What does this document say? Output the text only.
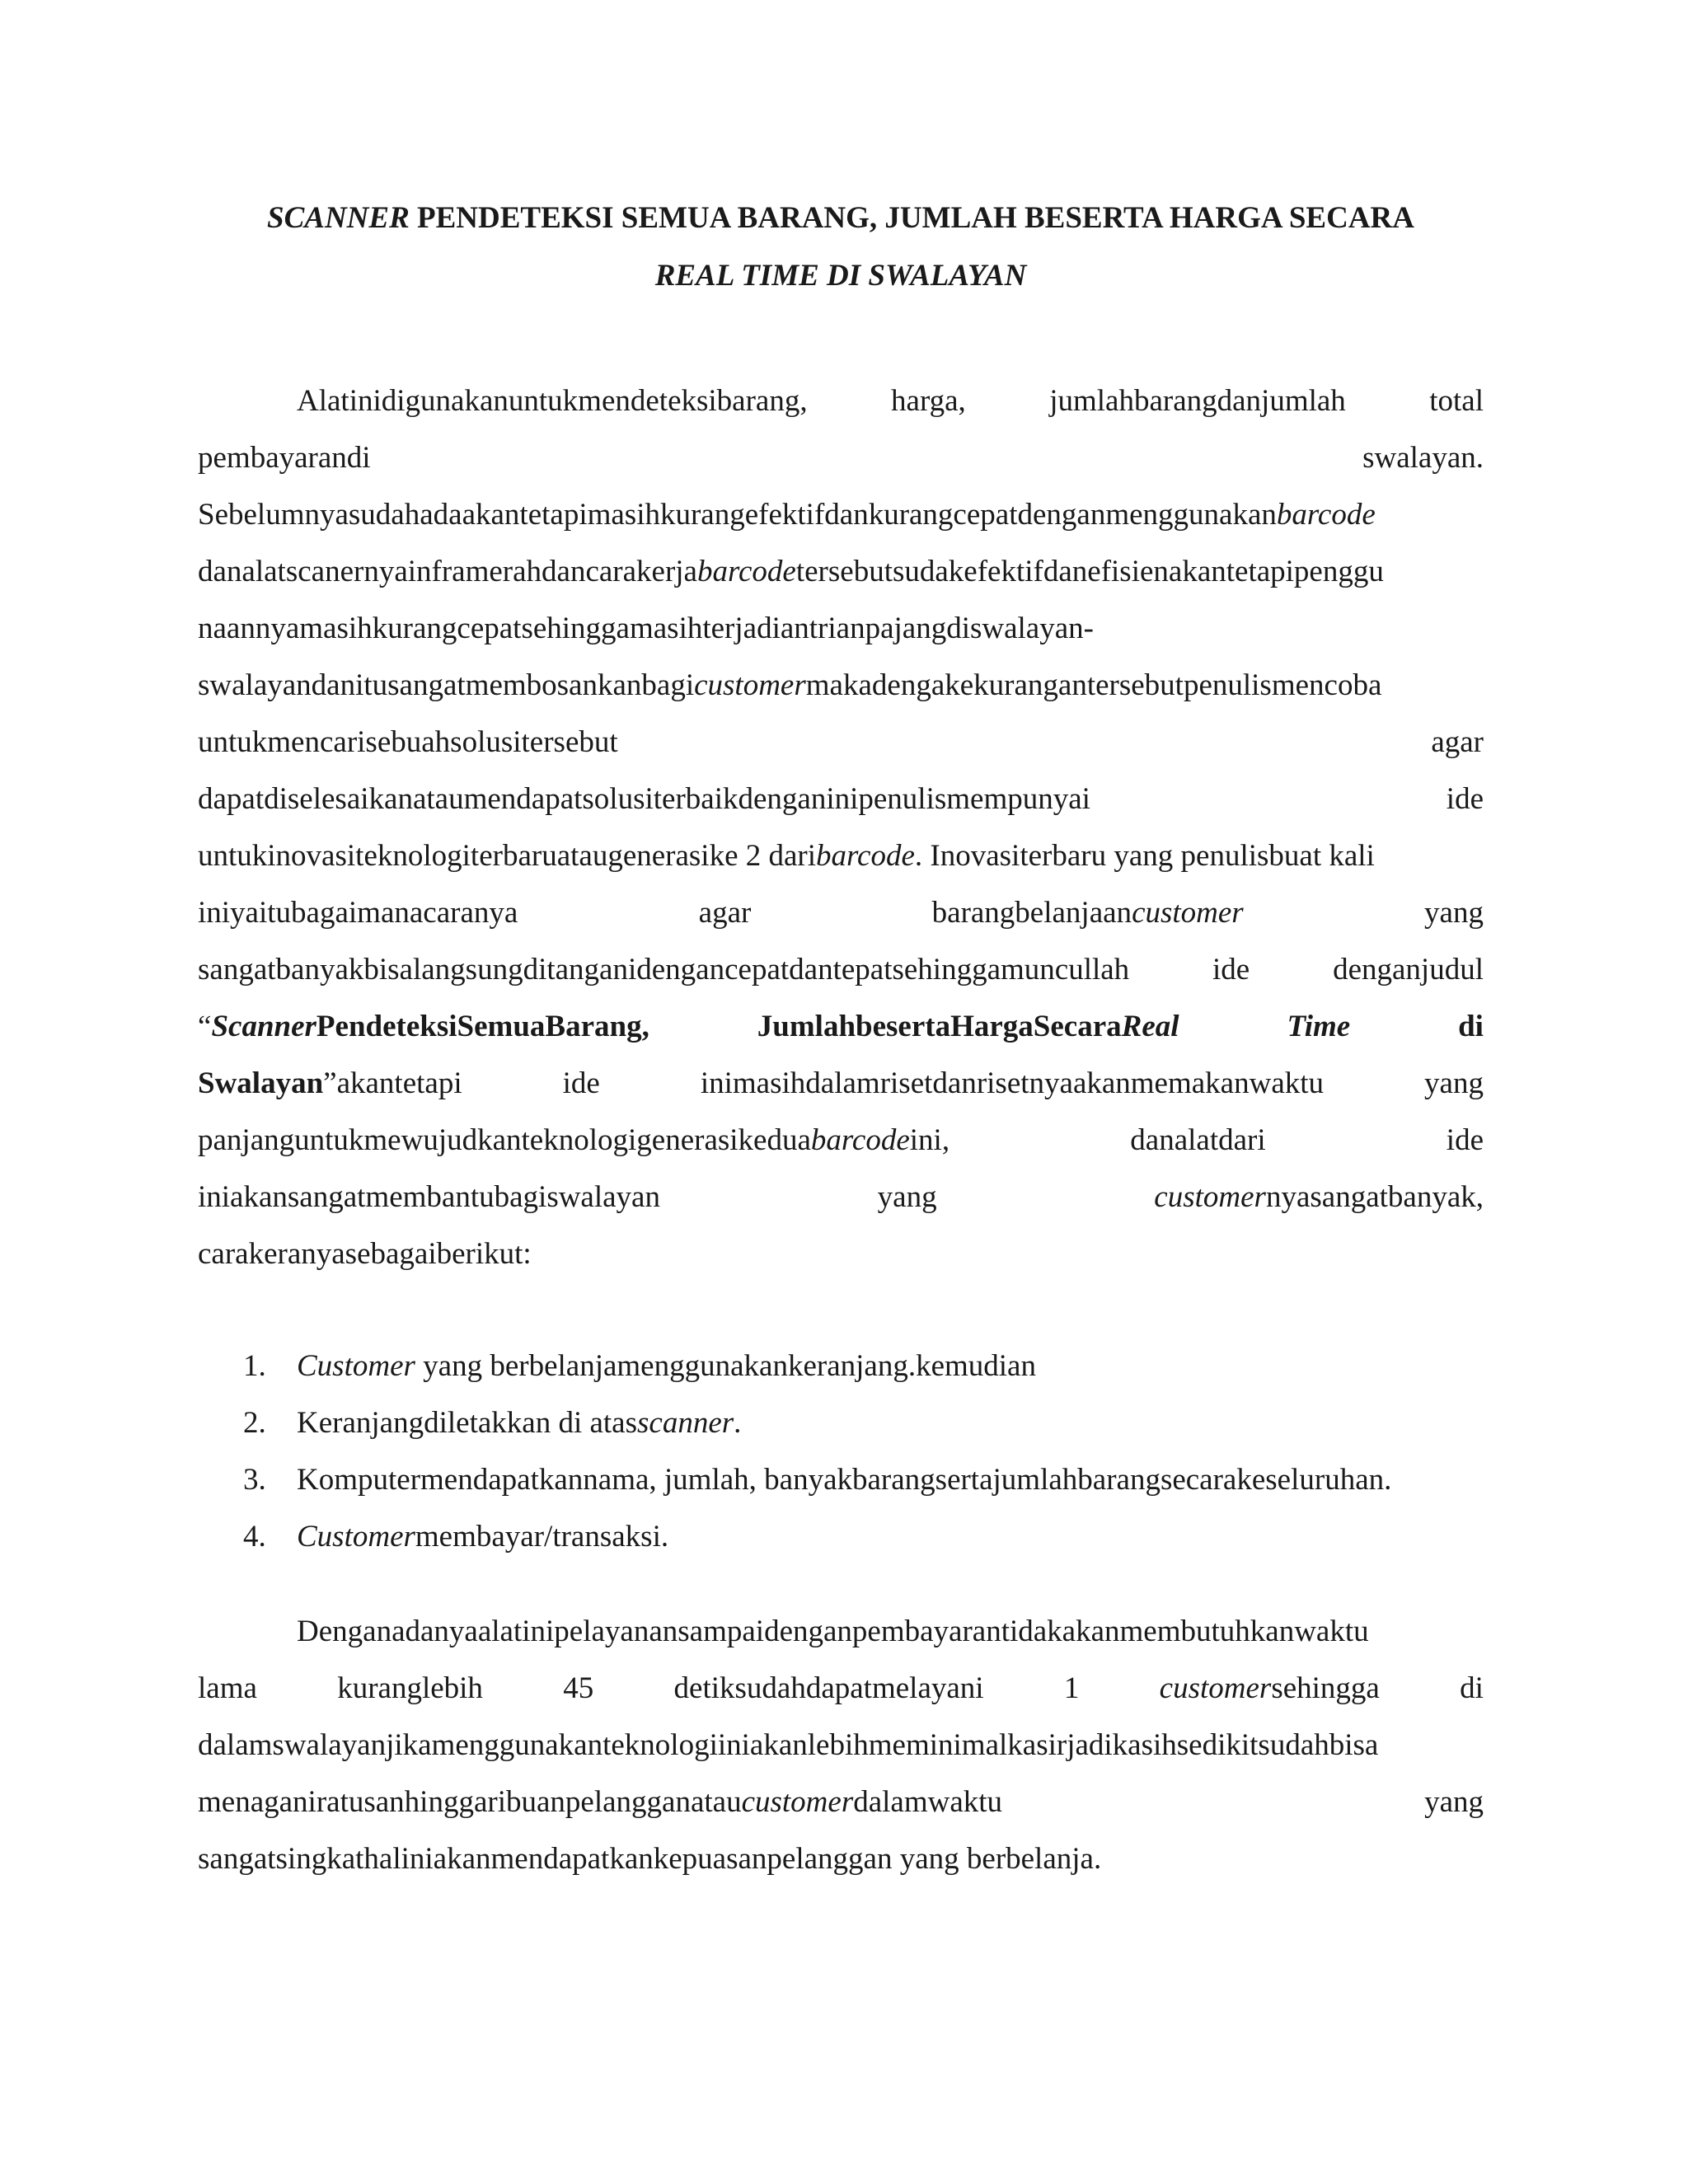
SCANNER PENDETEKSI SEMUA BARANG, JUMLAH BESERTA HARGA SECARA
REAL TIME DI SWALAYAN
Alatinidigunakanuntukmendeteksibarang,	harga,	jumlahbarangdanjumlah	total
pembayarandi	swalayan.
Sebelumnyasudahadaakantetapimasihkurangefektifdankurangcepatdenganmenggunakanbarcode
danalatscanernyainframerahdancarakerjabarcodetersebutsudakefektifdanefisienakantetapipenggu
naannyamasihkurangcepatsehinggamasihterjadiantrianpajangdiswalayan-
swalayandanitusangatmembosankanbagicustomermakadengakekurangantersebutpenulismencoba
untukmencarisebuahsolusitersebut	agar
dapatdiselesaikanataumendapatsolusiterbaikdenganinipenulismempunyai	ide
untukinovasiteknologiterbaruataugenerasike 2 daribarcode. Inovasiterbaru yang penulisbuat kali
iniyaitubagaimanacaranya	agar	barangbelanjaancustomer	yang
sangatbanyakbisalangsungditanganidengancepatdantepatsehinggamuncullah	ide	denganjudul
“ScannerPendeteksiSemuaBarang,	JumlahbesertaHargaSecaraReal	Time	di
Swalayan”akantetapi	ide	inimasihdalamrisetdanrisetnyaakanmemakanwaktu	yang
panjanguntukmewujudkanteknologigenerasikeduabarcodeini,	danalatdari	ide
iniakansangatmembantubagiswalayan	yang	customernyasangatbanyak,
carakeranyasebagaiberikut:
1. Customer yang berbelanjamenggunakankeranjang.kemudian
2. Keranjangdiletakkan di atasscanner.
3. Komputermendapatkannama, jumlah, banyakbarangsertajumlahbarangsecarakeseluruhan.
4. Customermembayar/transaksi.
Denganadanyaalatinipelayanansampaidenganpembayarantidakakanmembutuhkanwaktu
lama	kuranglebih	45	detiksudahdapatmelayani	1	customersehingga	di
dalamswalayanjikamenggunakanteknologiiniakanlebihmeminimalkasirjadikasihsedikitsudahbisa
menaganiratusanhinggaribuanpelangganataucustomerdalamwaktu	yang
sangatsingkathaliniakanmendapatkankepuasanpelanggan yang berbelanja.
